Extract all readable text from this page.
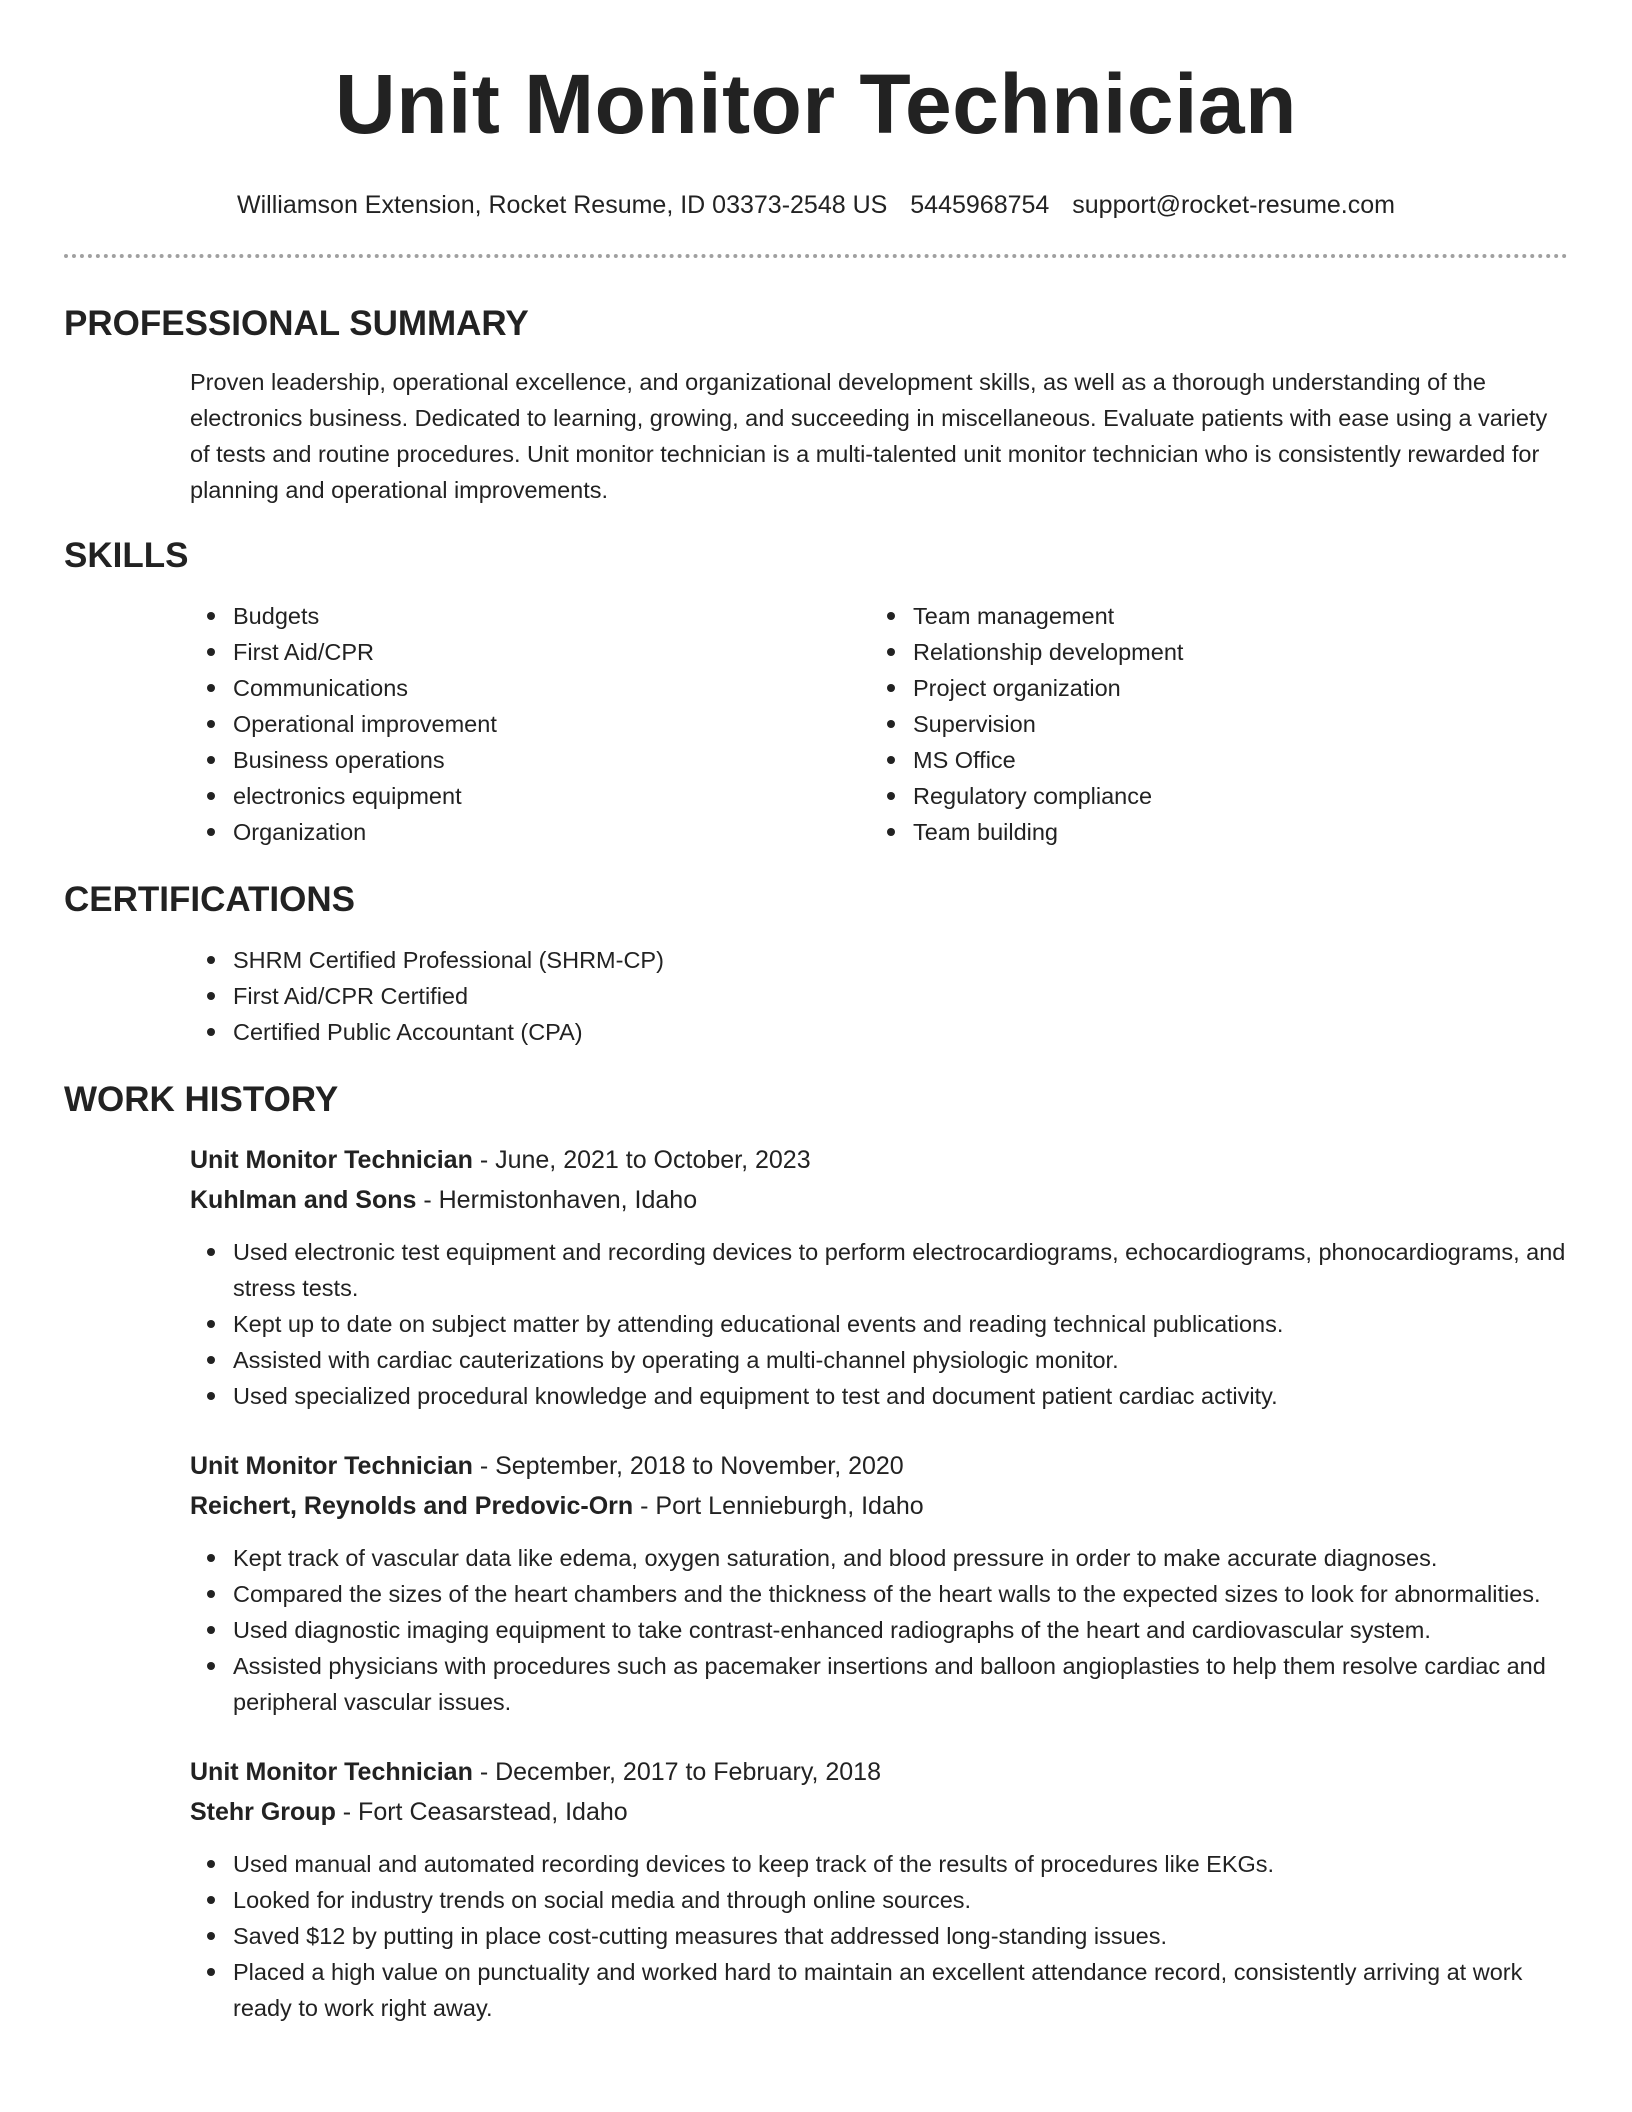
Unit Monitor Technician
Williamson Extension, Rocket Resume, ID 03373-2548 US 5445968754 support@rocket-resume.com
PROFESSIONAL SUMMARY

Proven leadership, operational excellence, and organizational development skills, as well as a thorough understanding of the electronics business. Dedicated to learning, growing, and succeeding in miscellaneous. Evaluate patients with ease using a variety of tests and routine procedures. Unit monitor technician is a multi-talented unit monitor technician who is consistently rewarded for planning and operational improvements.

SKILLS
Budgets
First Aid/CPR
Communications
Operational improvement
Business operations
electronics equipment
Organization
Team management
Relationship development
Project organization
Supervision
MS Office
Regulatory compliance
Team building
CERTIFICATIONS
SHRM Certified Professional (SHRM-CP)
First Aid/CPR Certified
Certified Public Accountant (CPA)
WORK HISTORY
Unit Monitor Technician - June, 2021 to October, 2023
Kuhlman and Sons - Hermistonhaven, Idaho
Used electronic test equipment and recording devices to perform electrocardiograms, echocardiograms, phonocardiograms, and stress tests.
Kept up to date on subject matter by attending educational events and reading technical publications.
Assisted with cardiac cauterizations by operating a multi-channel physiologic monitor.
Used specialized procedural knowledge and equipment to test and document patient cardiac activity.
Unit Monitor Technician - September, 2018 to November, 2020
Reichert, Reynolds and Predovic-Orn - Port Lennieburgh, Idaho
Kept track of vascular data like edema, oxygen saturation, and blood pressure in order to make accurate diagnoses.
Compared the sizes of the heart chambers and the thickness of the heart walls to the expected sizes to look for abnormalities.
Used diagnostic imaging equipment to take contrast-enhanced radiographs of the heart and cardiovascular system.
Assisted physicians with procedures such as pacemaker insertions and balloon angioplasties to help them resolve cardiac and peripheral vascular issues.
Unit Monitor Technician - December, 2017 to February, 2018
Stehr Group - Fort Ceasarstead, Idaho
Used manual and automated recording devices to keep track of the results of procedures like EKGs.
Looked for industry trends on social media and through online sources.
Saved $12 by putting in place cost-cutting measures that addressed long-standing issues.
Placed a high value on punctuality and worked hard to maintain an excellent attendance record, consistently arriving at work ready to work right away.
